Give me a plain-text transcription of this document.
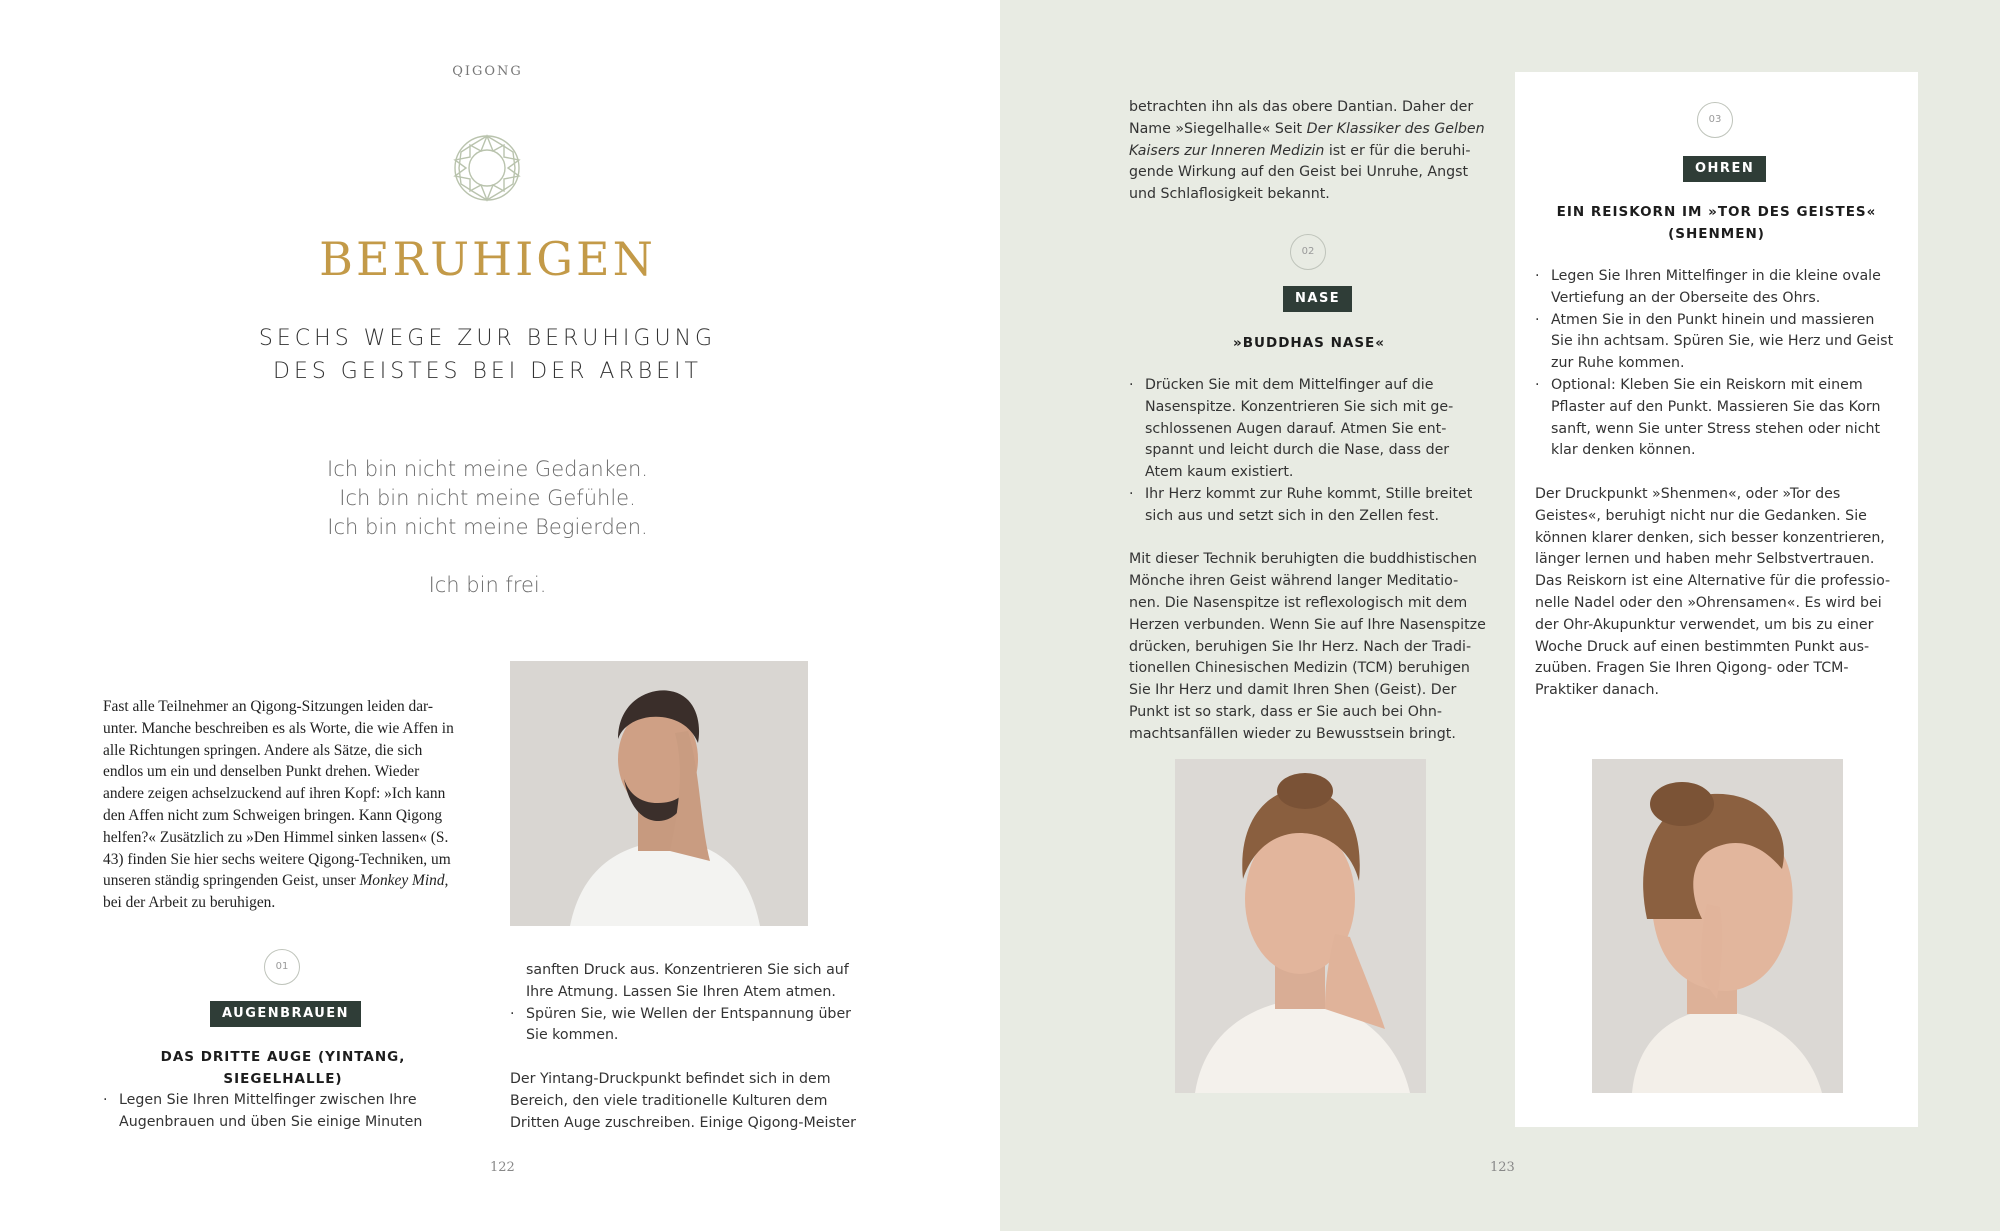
QIGONG
BERUHIGEN
SECHS WEGE ZUR BERUHIGUNG
DES GEISTES BEI DER ARBEIT
Ich bin nicht meine Gedanken.
Ich bin nicht meine Gefühle.
Ich bin nicht meine Begierden.
Ich bin frei.
Fast alle Teilnehmer an Qigong-Sitzungen leiden dar-unter. Manche beschreiben es als Worte, die wie Affen in alle Richtungen springen. Andere als Sätze, die sich endlos um ein und denselben Punkt drehen. Wieder andere zeigen achselzuckend auf ihren Kopf: »Ich kann den Affen nicht zum Schweigen bringen. Kann Qigong helfen?« Zusätzlich zu »Den Himmel sinken lassen« (S. 43) finden Sie hier sechs weitere Qigong-Techniken, um unseren ständig springenden Geist, unser Monkey Mind, bei der Arbeit zu beruhigen.
01
AUGENBRAUEN
DAS DRITTE AUGE (YINTANG, SIEGELHALLE)
· Legen Sie Ihren Mittelfinger zwischen Ihre Augenbrauen und üben Sie einige Minuten

sanften Druck aus. Konzentrieren Sie sich auf Ihre Atmung. Lassen Sie Ihren Atem atmen.

· Spüren Sie, wie Wellen der Entspannung über Sie kommen.

Der Yintang-Druckpunkt befindet sich in dem Bereich, den viele traditionelle Kulturen dem Dritten Auge zuschreiben. Einige Qigong-Meister

122
betrachten ihn als das obere Dantian. Daher der Name »Siegelhalle« Seit Der Klassiker des Gelben Kaisers zur Inneren Medizin ist er für die beruhi-gende Wirkung auf den Geist bei Unruhe, Angst und Schlaflosigkeit bekannt.
02
NASE
»BUDDHAS NASE«
· Drücken Sie mit dem Mittelfinger auf die Nasenspitze. Konzentrieren Sie sich mit ge-schlossenen Augen darauf. Atmen Sie ent-spannt und leicht durch die Nase, dass der Atem kaum existiert.
· Ihr Herz kommt zur Ruhe kommt, Stille breitet sich aus und setzt sich in den Zellen fest.

Mit dieser Technik beruhigten die buddhistischen Mönche ihren Geist während langer Meditatio-nen. Die Nasenspitze ist reflexologisch mit dem Herzen verbunden. Wenn Sie auf Ihre Nasenspitze drücken, beruhigen Sie Ihr Herz. Nach der Tradi-tionellen Chinesischen Medizin (TCM) beruhigen Sie Ihr Herz und damit Ihren Shen (Geist). Der Punkt ist so stark, dass er Sie auch bei Ohn-machtsanfällen wieder zu Bewusstsein bringt.

03
OHREN
EIN REISKORN IM »TOR DES GEISTES«
(SHENMEN)
· Legen Sie Ihren Mittelfinger in die kleine ovale Vertiefung an der Oberseite des Ohrs.
· Atmen Sie in den Punkt hinein und massieren Sie ihn achtsam. Spüren Sie, wie Herz und Geist zur Ruhe kommen.
· Optional: Kleben Sie ein Reiskorn mit einem Pflaster auf den Punkt. Massieren Sie das Korn sanft, wenn Sie unter Stress stehen oder nicht klar denken können.

Der Druckpunkt »Shenmen«, oder »Tor des Geistes«, beruhigt nicht nur die Gedanken. Sie können klarer denken, sich besser konzentrieren, länger lernen und haben mehr Selbstvertrauen. Das Reiskorn ist eine Alternative für die professio-nelle Nadel oder den »Ohrensamen«. Es wird bei der Ohr-Akupunktur verwendet, um bis zu einer Woche Druck auf einen bestimmten Punkt aus-zuüben. Fragen Sie Ihren Qigong- oder TCM-Praktiker danach.

123
